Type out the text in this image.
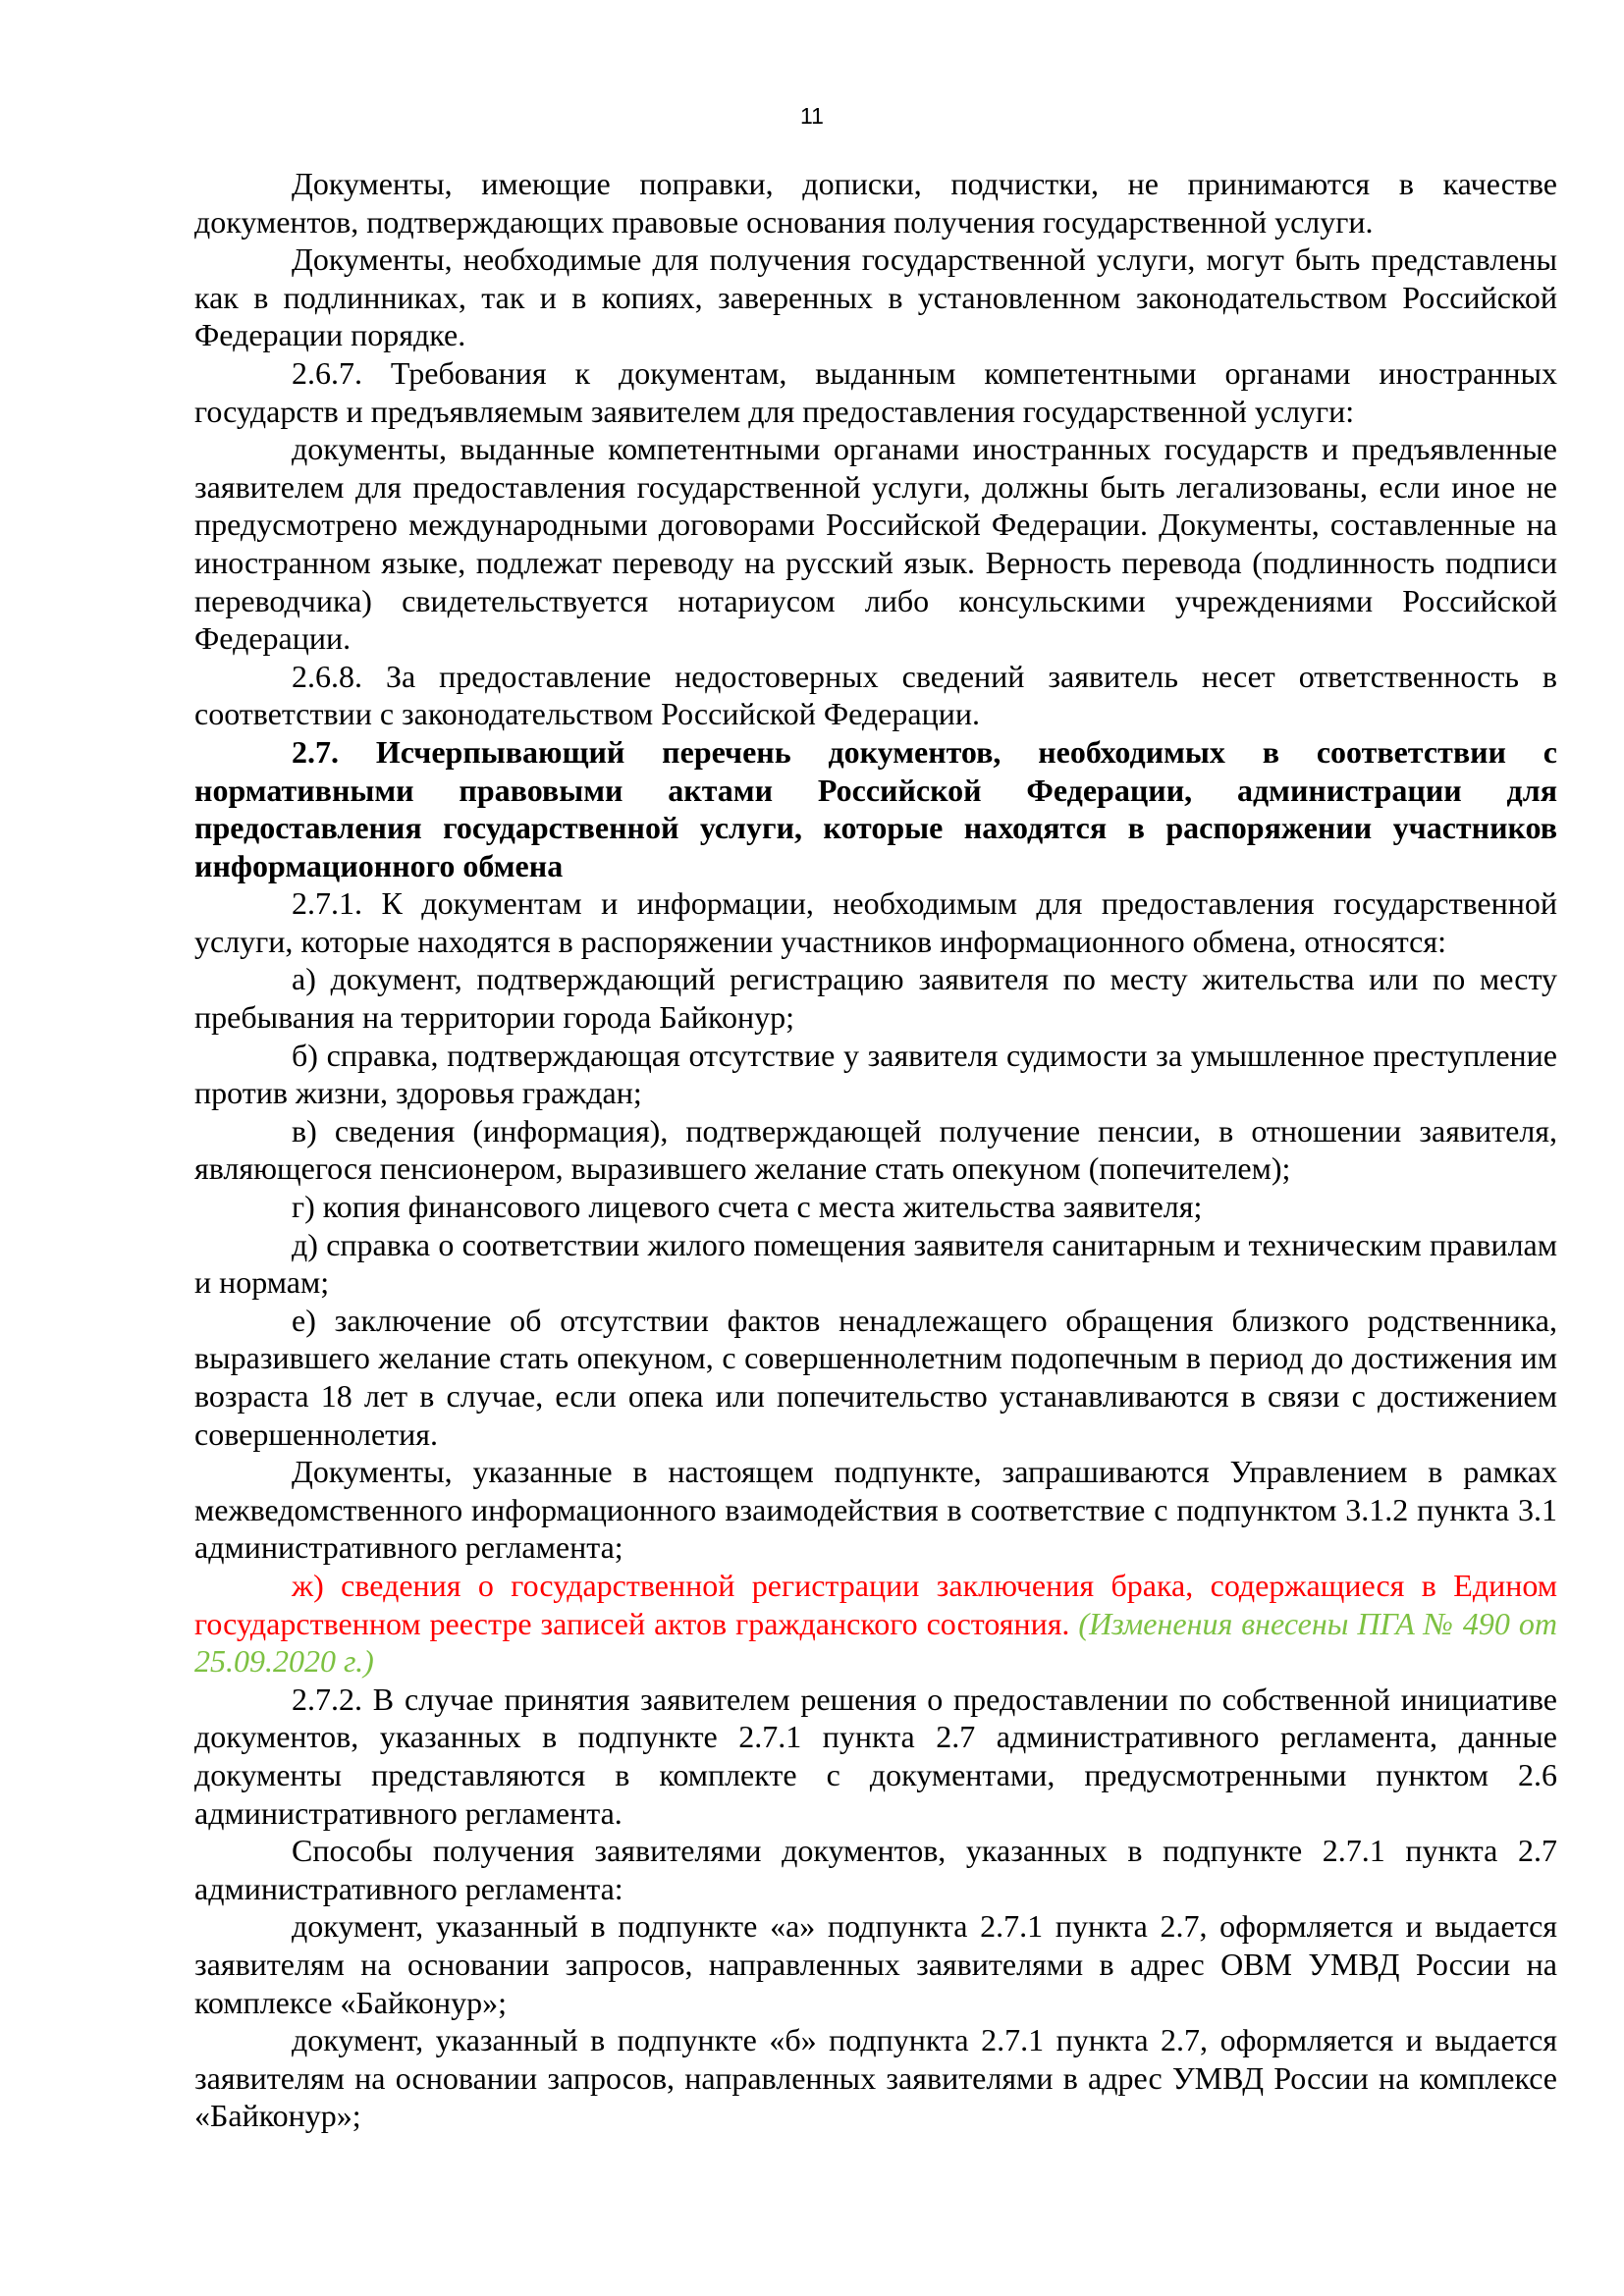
11

Документы, имеющие поправки, дописки, подчистки, не принимаются в качестве документов, подтверждающих правовые основания получения государственной услуги.

Документы, необходимые для получения государственной услуги, могут быть представлены как в подлинниках, так и в копиях, заверенных в установленном законодательством Российской Федерации порядке.

2.6.7. Требования к документам, выданным компетентными органами иностранных государств и предъявляемым заявителем для предоставления государственной услуги:

документы, выданные компетентными органами иностранных государств и предъявленные заявителем для предоставления государственной услуги, должны быть легализованы, если иное не предусмотрено международными договорами Российской Федерации. Документы, составленные на иностранном языке, подлежат переводу на русский язык. Верность перевода (подлинность подписи переводчика) свидетельствуется нотариусом либо консульскими учреждениями Российской Федерации.

2.6.8. За предоставление недостоверных сведений заявитель несет ответственность в соответствии с законодательством Российской Федерации.

2.7. Исчерпывающий перечень документов, необходимых в соответствии с нормативными правовыми актами Российской Федерации, администрации для предоставления государственной услуги, которые находятся в распоряжении участников информационного обмена

2.7.1. К документам и информации, необходимым для предоставления государственной услуги, которые находятся в распоряжении участников информационного обмена, относятся:

а) документ, подтверждающий регистрацию заявителя по месту жительства или по месту пребывания на территории города Байконур;

б) справка, подтверждающая отсутствие у заявителя судимости за умышленное преступление против жизни, здоровья граждан;

в) сведения (информация), подтверждающей получение пенсии, в отношении заявителя, являющегося пенсионером, выразившего желание стать опекуном (попечителем);

г) копия финансового лицевого счета с места жительства заявителя;

д) справка о соответствии жилого помещения заявителя санитарным и техническим правилам и нормам;

е) заключение об отсутствии фактов ненадлежащего обращения близкого родственника, выразившего желание стать опекуном, с совершеннолетним подопечным в период до достижения им возраста 18 лет в случае, если опека или попечительство устанавливаются в связи с достижением совершеннолетия.

Документы, указанные в настоящем подпункте, запрашиваются Управлением в рамках межведомственного информационного взаимодействия в соответствие с подпунктом 3.1.2 пункта 3.1 административного регламента;

ж) сведения о государственной регистрации заключения брака, содержащиеся в Едином государственном реестре записей актов гражданского состояния. (Изменения внесены ПГА № 490 от 25.09.2020 г.)

2.7.2. В случае принятия заявителем решения о предоставлении по собственной инициативе документов, указанных в подпункте 2.7.1 пункта 2.7 административного регламента, данные документы представляются в комплекте с документами, предусмотренными пунктом 2.6 административного регламента.

Способы получения заявителями документов, указанных в подпункте 2.7.1 пункта 2.7 административного регламента:

документ, указанный в подпункте «а» подпункта 2.7.1 пункта 2.7, оформляется и выдается заявителям на основании запросов, направленных заявителями в адрес ОВМ УМВД России на комплексе «Байконур»;

документ, указанный в подпункте «б» подпункта 2.7.1 пункта 2.7, оформляется и выдается заявителям на основании запросов, направленных заявителями в адрес УМВД России на комплексе «Байконур»;
